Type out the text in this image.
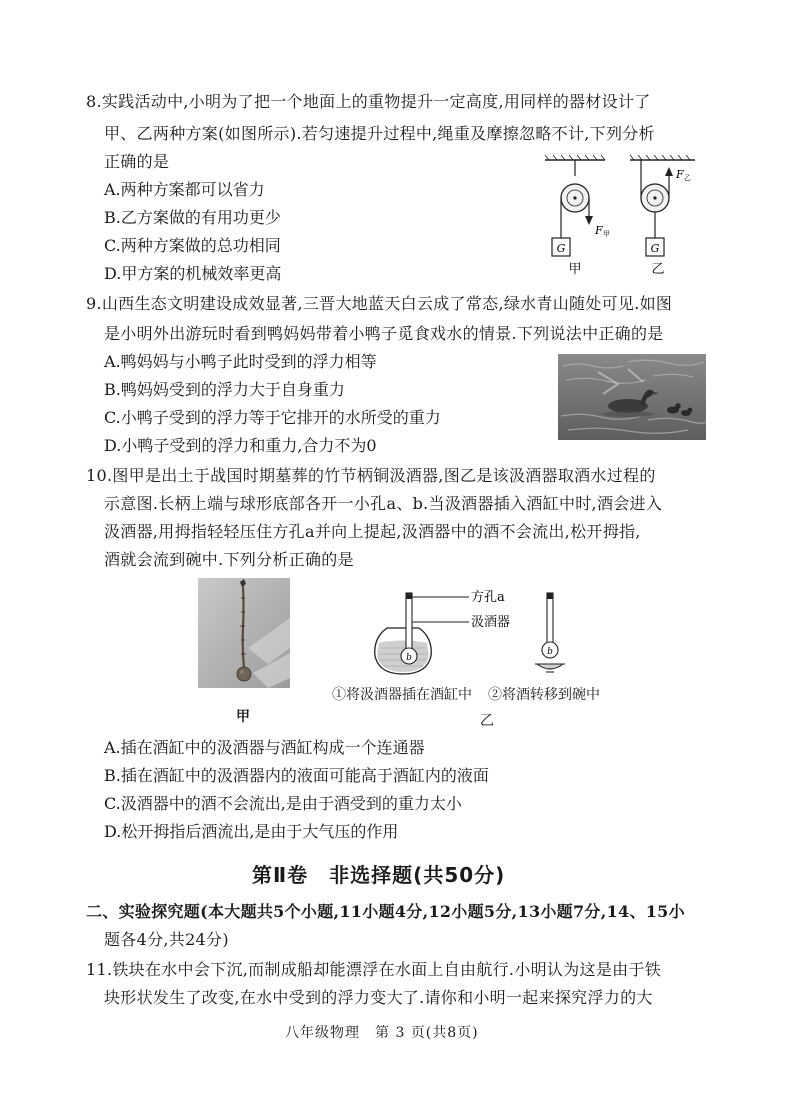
8.实践活动中,小明为了把一个地面上的重物提升一定高度,用同样的器材设计了
甲、乙两种方案(如图所示).若匀速提升过程中,绳重及摩擦忽略不计,下列分析
正确的是
A.两种方案都可以省力
B.乙方案做的有用功更少
C.两种方案做的总功相同
D.甲方案的机械效率更高
G
F 甲
甲
G
F 乙
乙
9.山西生态文明建设成效显著,三晋大地蓝天白云成了常态,绿水青山随处可见.如图
是小明外出游玩时看到鸭妈妈带着小鸭子觅食戏水的情景.下列说法中正确的是
A.鸭妈妈与小鸭子此时受到的浮力相等
B.鸭妈妈受到的浮力大于自身重力
C.小鸭子受到的浮力等于它排开的水所受的重力
D.小鸭子受到的浮力和重力,合力不为0
10.图甲是出土于战国时期墓葬的竹节柄铜汲酒器,图乙是该汲酒器取酒水过程的
示意图.长柄上端与球形底部各开一小孔a、b.当汲酒器插入酒缸中时,酒会进入
汲酒器,用拇指轻轻压住方孔a并向上提起,汲酒器中的酒不会流出,松开拇指,
酒就会流到碗中.下列分析正确的是
甲
b
方孔a
汲酒器
b
①将汲酒器插在酒缸中 ②将酒转移到碗中
乙
A.插在酒缸中的汲酒器与酒缸构成一个连通器
B.插在酒缸中的汲酒器内的液面可能高于酒缸内的液面
C.汲酒器中的酒不会流出,是由于酒受到的重力太小
D.松开拇指后酒流出,是由于大气压的作用
第Ⅱ卷　非选择题(共50分)
二、实验探究题(本大题共5个小题,11小题4分,12小题5分,13小题7分,14、15小
题各4分,共24分)
11.铁块在水中会下沉,而制成船却能漂浮在水面上自由航行.小明认为这是由于铁
块形状发生了改变,在水中受到的浮力变大了.请你和小明一起来探究浮力的大
八年级物理　第 3 页(共8页)
